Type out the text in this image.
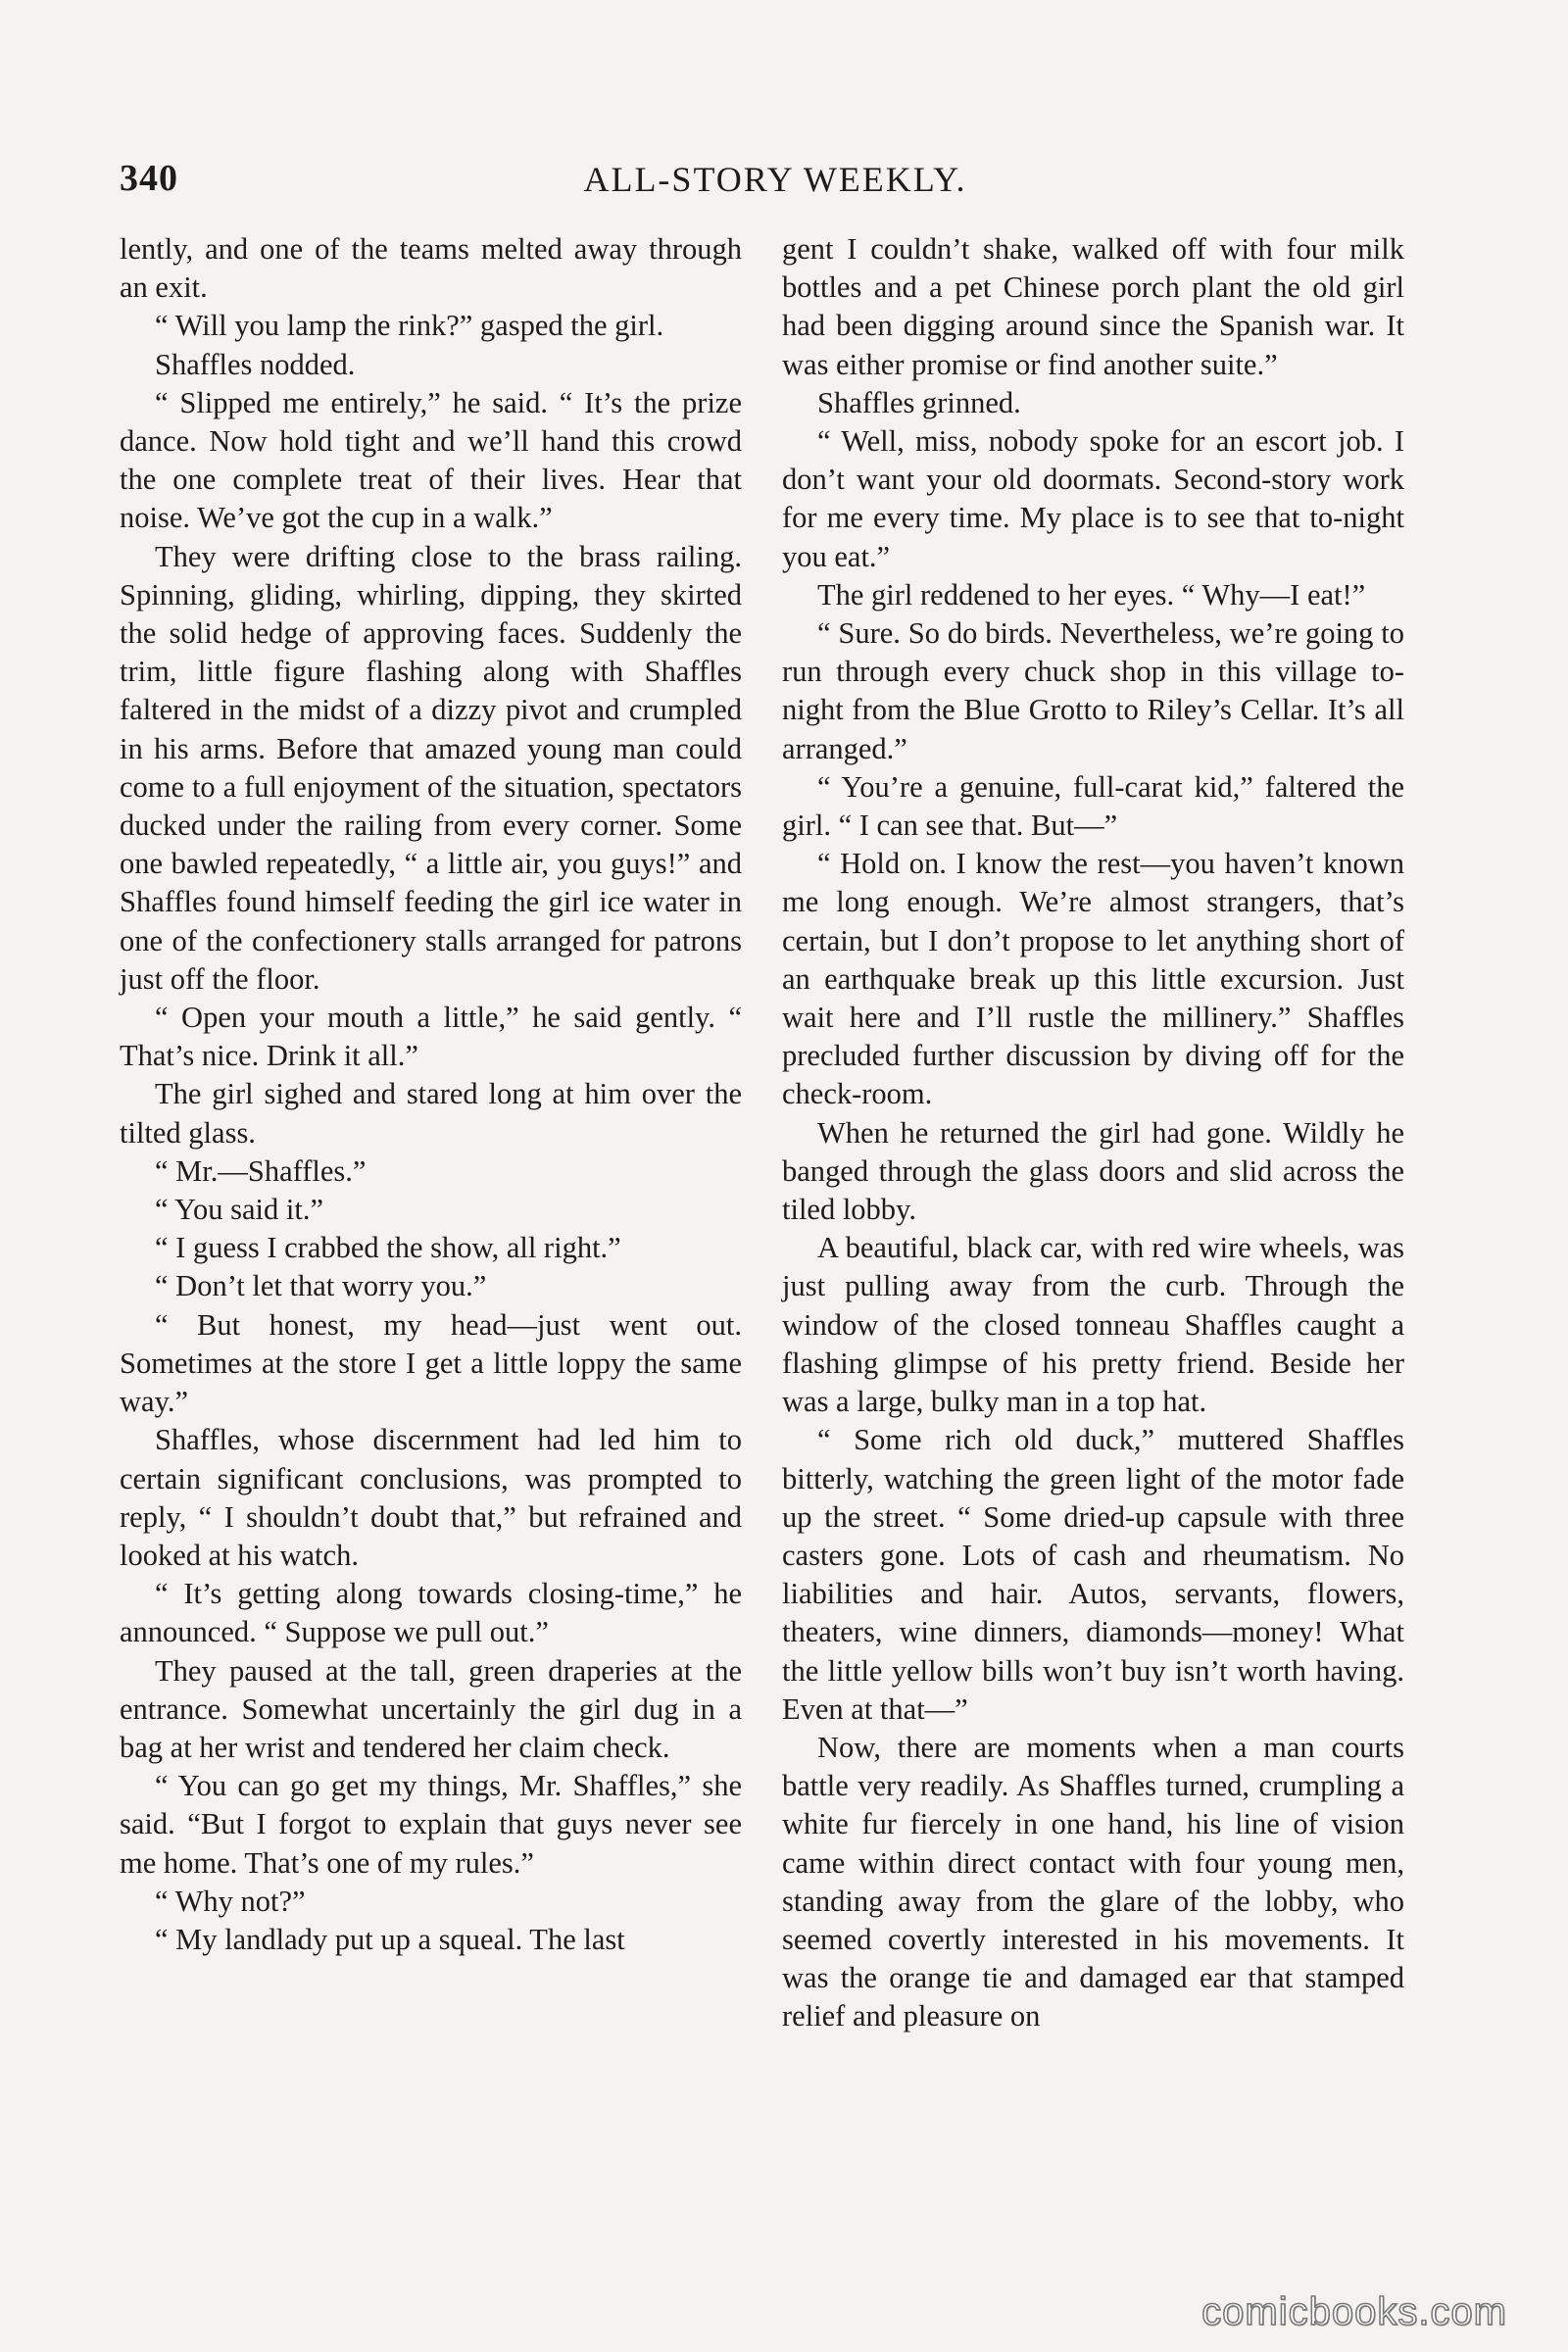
340	ALL-STORY WEEKLY.

lently, and one of the teams melted away through an exit.

“ Will you lamp the rink?” gasped the girl.

Shaffles nodded.

“ Slipped me entirely,” he said. “ It’s the prize dance. Now hold tight and we’ll hand this crowd the one complete treat of their lives. Hear that noise. We’ve got the cup in a walk.”

They were drifting close to the brass railing. Spinning, gliding, whirling, dipping, they skirted the solid hedge of approving faces. Suddenly the trim, little figure flashing along with Shaffles faltered in the midst of a dizzy pivot and crumpled in his arms. Before that amazed young man could come to a full enjoyment of the situation, spectators ducked under the railing from every corner. Some one bawled repeatedly, “ a little air, you guys!” and Shaffles found himself feeding the girl ice water in one of the confectionery stalls arranged for patrons just off the floor.

“ Open your mouth a little,” he said gently. “ That’s nice. Drink it all.”

The girl sighed and stared long at him over the tilted glass.

“ Mr.—Shaffles.”

“ You said it.”

“ I guess I crabbed the show, all right.”

“ Don’t let that worry you.”

“ But honest, my head—just went out. Sometimes at the store I get a little loppy the same way.”

Shaffles, whose discernment had led him to certain significant conclusions, was prompted to reply, “ I shouldn’t doubt that,” but refrained and looked at his watch.

“ It’s getting along towards closing-time,” he announced. “ Suppose we pull out.”

They paused at the tall, green draperies at the entrance. Somewhat uncertainly the girl dug in a bag at her wrist and tendered her claim check.

“ You can go get my things, Mr. Shaffles,” she said. “But I forgot to explain that guys never see me home. That’s one of my rules.”

“ Why not?”

“ My landlady put up a squeal. The last

gent I couldn’t shake, walked off with four milk bottles and a pet Chinese porch plant the old girl had been digging around since the Spanish war. It was either promise or find another suite.”

Shaffles grinned.

“ Well, miss, nobody spoke for an escort job. I don’t want your old doormats. Second-story work for me every time. My place is to see that to-night you eat.”

The girl reddened to her eyes. “ Why—I eat!”

“ Sure. So do birds. Nevertheless, we’re going to run through every chuck shop in this village to-night from the Blue Grotto to Riley’s Cellar. It’s all arranged.”

“ You’re a genuine, full-carat kid,” faltered the girl. “ I can see that. But—”

“ Hold on. I know the rest—you haven’t known me long enough. We’re almost strangers, that’s certain, but I don’t propose to let anything short of an earthquake break up this little excursion. Just wait here and I’ll rustle the millinery.” Shaffles precluded further discussion by diving off for the check-room.

When he returned the girl had gone. Wildly he banged through the glass doors and slid across the tiled lobby.

A beautiful, black car, with red wire wheels, was just pulling away from the curb. Through the window of the closed tonneau Shaffles caught a flashing glimpse of his pretty friend. Beside her was a large, bulky man in a top hat.

“ Some rich old duck,” muttered Shaffles bitterly, watching the green light of the motor fade up the street. “ Some dried-up capsule with three casters gone. Lots of cash and rheumatism. No liabilities and hair. Autos, servants, flowers, theaters, wine dinners, diamonds—money! What the little yellow bills won’t buy isn’t worth having. Even at that—”

Now, there are moments when a man courts battle very readily. As Shaffles turned, crumpling a white fur fiercely in one hand, his line of vision came within direct contact with four young men, standing away from the glare of the lobby, who seemed covertly interested in his movements. It was the orange tie and damaged ear that stamped relief and pleasure on

comicbooks.com
